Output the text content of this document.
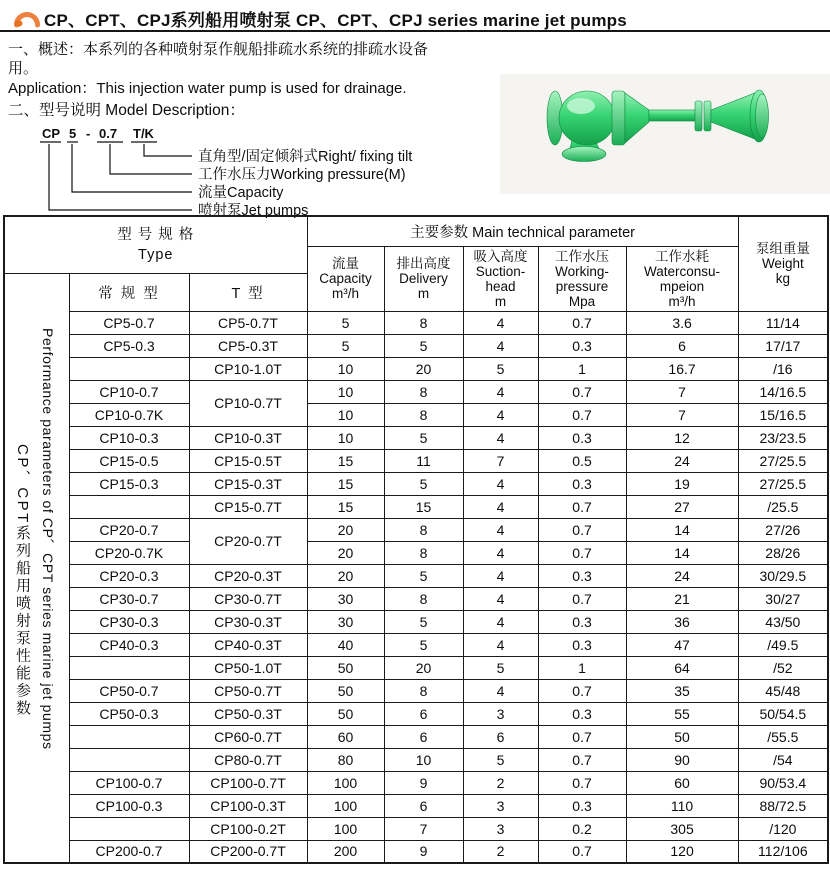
CP、CPT、CPJ系列船用喷射泵 CP、CPT、CPJ series marine jet pumps
一、概述：本系列的各种喷射泵作舰船排疏水系统的排疏水设备
用。
Application：This injection water pump is used for drainage.
二、型号说明 Model Description：
CP 5 - 0.7 T/K
直角型/固定倾斜式Right/ fixing tilt
工作水压力Working pressure(M)
流量Capacity
喷射泵Jet pumps
型 号 规 格
Type			主要参数 Main technical parameter					泵组重量
Weight
kg
			流量
Capacity
m³/h	排出高度
Delivery
m	吸入高度
Suction-
head
m	工作水压
Working-
pressure
Mpa	工作水耗
Waterconsu-
mpeion
m³/h	

CP、CPT系列船用喷射泵性能参数 Performance parameters of CP、CPT series marine jet pumps	常 规 型	T 型						
	CP5-0.7	CP5-0.7T	5	8	4	0.7	3.6	11/14
	CP5-0.3	CP5-0.3T	5	5	4	0.3	6	17/17
		CP10-1.0T	10	20	5	1	16.7	/16
	CP10-0.7	CP10-0.7T	10	8	4	0.7	7	14/16.5
	CP10-0.7K		10	8	4	0.7	7	15/16.5
	CP10-0.3	CP10-0.3T	10	5	4	0.3	12	23/23.5
	CP15-0.5	CP15-0.5T	15	11	7	0.5	24	27/25.5
	CP15-0.3	CP15-0.3T	15	5	4	0.3	19	27/25.5
		CP15-0.7T	15	15	4	0.7	27	/25.5
	CP20-0.7	CP20-0.7T	20	8	4	0.7	14	27/26
	CP20-0.7K		20	8	4	0.7	14	28/26
	CP20-0.3	CP20-0.3T	20	5	4	0.3	24	30/29.5
	CP30-0.7	CP30-0.7T	30	8	4	0.7	21	30/27
	CP30-0.3	CP30-0.3T	30	5	4	0.3	36	43/50
	CP40-0.3	CP40-0.3T	40	5	4	0.3	47	/49.5
		CP50-1.0T	50	20	5	1	64	/52
	CP50-0.7	CP50-0.7T	50	8	4	0.7	35	45/48
	CP50-0.3	CP50-0.3T	50	6	3	0.3	55	50/54.5
		CP60-0.7T	60	6	6	0.7	50	/55.5
		CP80-0.7T	80	10	5	0.7	90	/54
	CP100-0.7	CP100-0.7T	100	9	2	0.7	60	90/53.4
	CP100-0.3	CP100-0.3T	100	6	3	0.3	110	88/72.5
		CP100-0.2T	100	7	3	0.2	305	/120
	CP200-0.7	CP200-0.7T	200	9	2	0.7	120	112/106
